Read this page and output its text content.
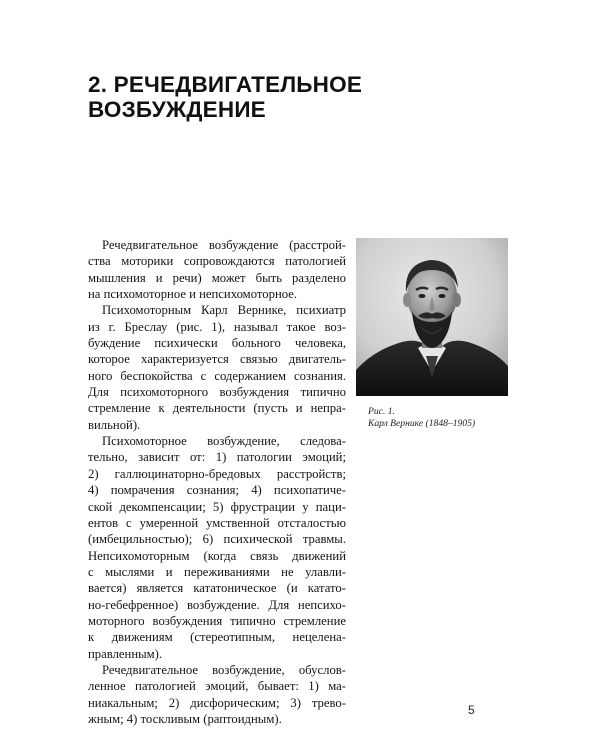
2. РЕЧЕДВИГАТЕЛЬНОЕ
ВОЗБУЖДЕНИЕ

Речедвигательное возбуждение (расстрой-
ства моторики сопровождаются патологией
мышления и речи) может быть разделено
на психомоторное и непсихомоторное.

Психомоторным Карл Вернике, психиатр
из г. Бреслау (рис. 1), называл такое воз-
буждение психически больного человека,
которое характеризуется связью двигатель-
ного беспокойства с содержанием сознания.
Для психомоторного возбуждения типично
стремление к деятельности (пусть и непра-
вильной).

Психомоторное возбуждение, следова-
тельно, зависит от: 1) патологии эмоций;
2) галлюцинаторно-бредовых расстройств;
4) помрачения сознания; 4) психопатиче-
ской декомпенсации; 5) фрустрации у паци-
ентов с умеренной умственной отсталостью
(имбецильностью); 6) психической травмы.
Непсихомоторным (когда связь движений
с мыслями и переживаниями не улавли-
вается) является кататоническое (и катато-
но-гебефренное) возбуждение. Для непсихо-
моторного возбуждения типично стремление
к движениям (стереотипным, нецелена-
правленным).

Речедвигательное возбуждение, обуслов-
ленное патологией эмоций, бывает: 1) ма-
ниакальным; 2) дисфорическим; 3) трево-
жным; 4) тоскливым (раптоидным).

Рис. 1.
Карл Вернике (1848–1905)
5
